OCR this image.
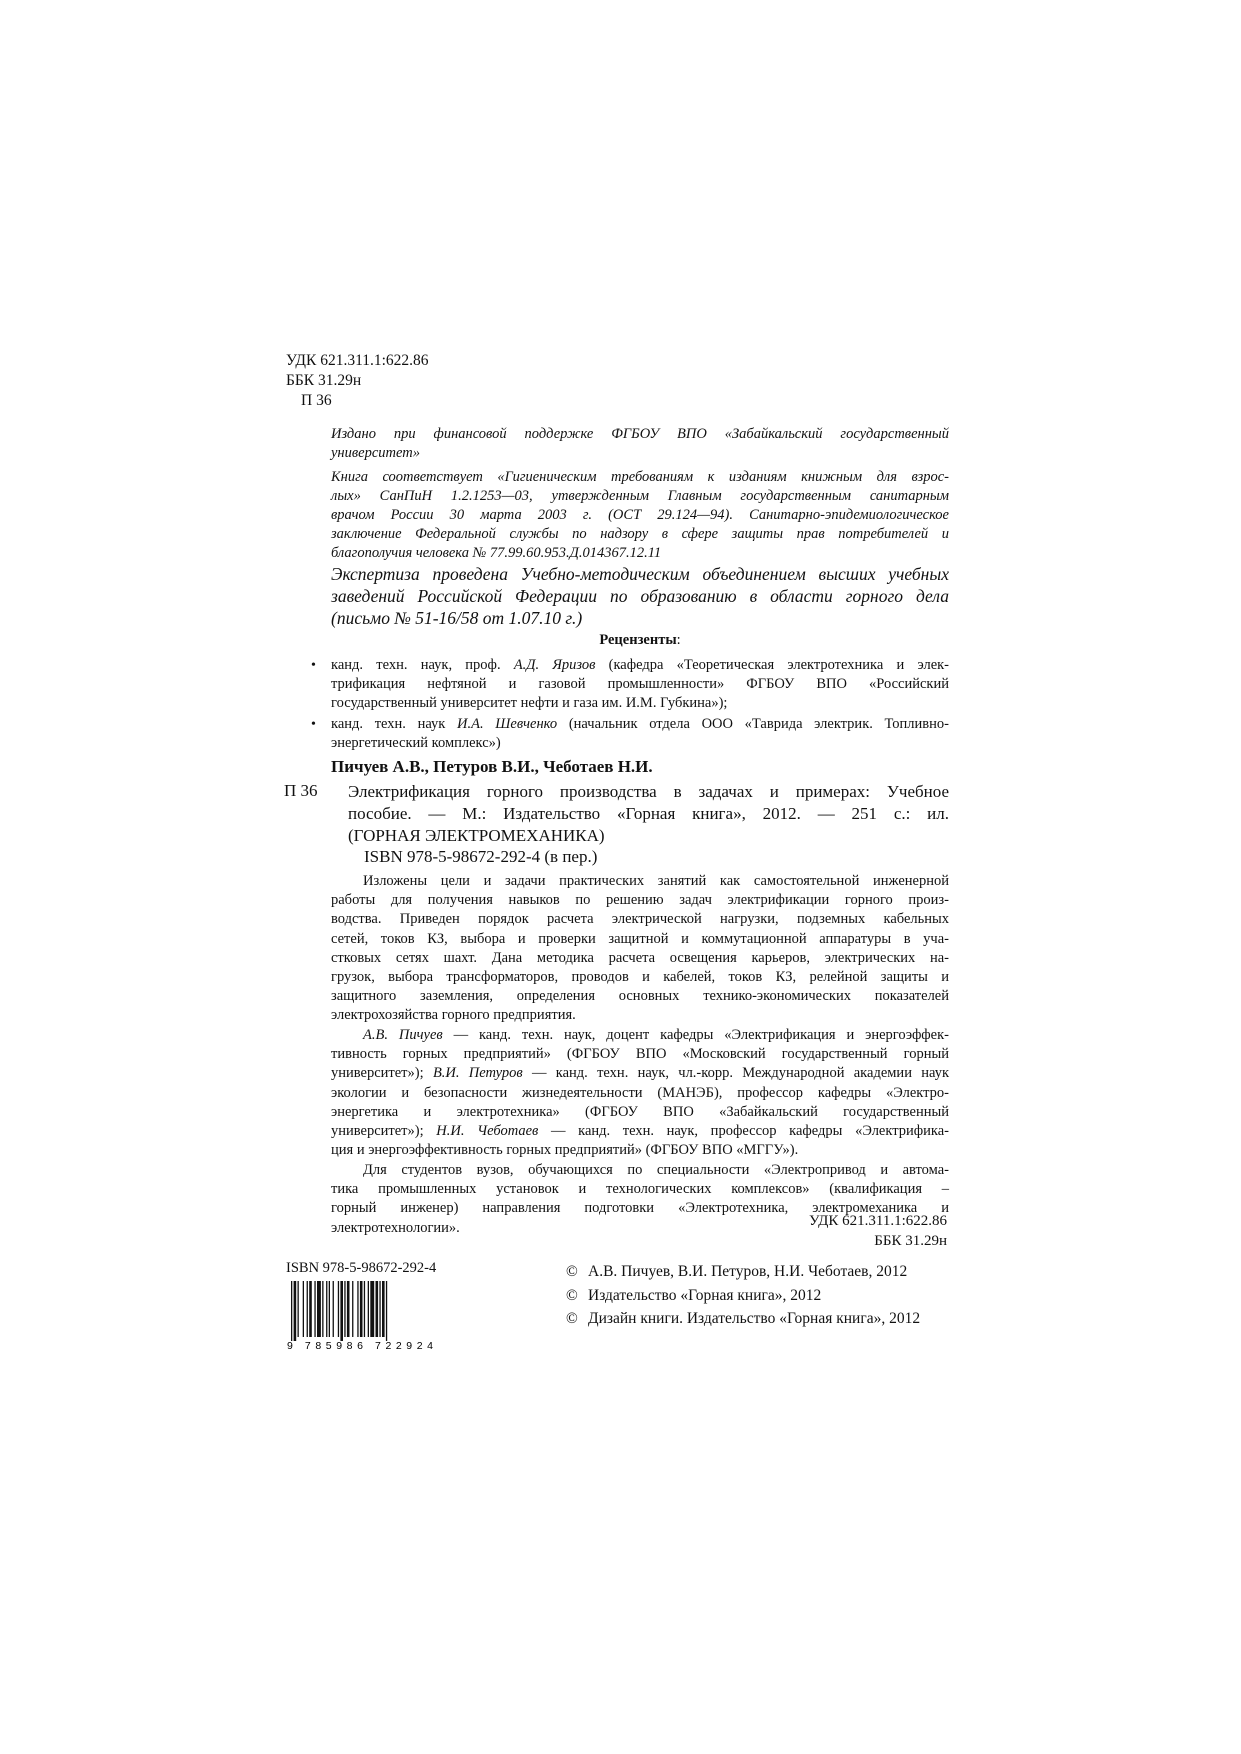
УДК 621.311.1:622.86
ББК 31.29н
П 36
Издано при финансовой поддержке ФГБОУ ВПО «Забайкальский государственный
университет»
Книга соответствует «Гигиеническим требованиям к изданиям книжным для взрос-
лых» СанПиН 1.2.1253—03, утвержденным Главным государственным санитарным
врачом России 30 марта 2003 г. (ОСТ 29.124—94). Санитарно-эпидемиологическое
заключение Федеральной службы по надзору в сфере защиты прав потребителей и
благополучия человека № 77.99.60.953.Д.014367.12.11
Экспертиза проведена Учебно-методическим объединением высших учебных
заведений Российской Федерации по образованию в области горного дела
(письмо № 51-16/58 от 1.07.10 г.)
Рецензенты:
• канд. техн. наук, проф. А.Д. Яризов (кафедра «Теоретическая электротехника и элек-
трификация нефтяной и газовой промышленности» ФГБОУ ВПО «Российский
государственный университет нефти и газа им. И.М. Губкина»);
• канд. техн. наук И.А. Шевченко (начальник отдела ООО «Таврида электрик. Топливно-
энергетический комплекс»)
Пичуев А.В., Петуров В.И., Чеботаев Н.И.
П 36 Электрификация горного производства в задачах и примерах: Учебное
пособие. — М.: Издательство «Горная книга», 2012. — 251 с.: ил.
(ГОРНАЯ ЭЛЕКТРОМЕХАНИКА)
ISBN 978-5-98672-292-4 (в пер.)
Изложены цели и задачи практических занятий как самостоятельной инженерной
работы для получения навыков по решению задач электрификации горного произ-
водства. Приведен порядок расчета электрической нагрузки, подземных кабельных
сетей, токов КЗ, выбора и проверки защитной и коммутационной аппаратуры в уча-
стковых сетях шахт. Дана методика расчета освещения карьеров, электрических на-
грузок, выбора трансформаторов, проводов и кабелей, токов КЗ, релейной защиты и
защитного заземления, определения основных технико-экономических показателей
электрохозяйства горного предприятия.
А.В. Пичуев — канд. техн. наук, доцент кафедры «Электрификация и энергоэффек-
тивность горных предприятий» (ФГБОУ ВПО «Московский государственный горный
университет»); В.И. Петуров — канд. техн. наук, чл.-корр. Международной академии наук
экологии и безопасности жизнедеятельности (МАНЭБ), профессор кафедры «Электро-
энергетика и электротехника» (ФГБОУ ВПО «Забайкальский государственный
университет»); Н.И. Чеботаев — канд. техн. наук, профессор кафедры «Электрифика-
ция и энергоэффективность горных предприятий» (ФГБОУ ВПО «МГГУ»).
Для студентов вузов, обучающихся по специальности «Электропривод и автома-
тика промышленных установок и технологических комплексов» (квалификация –
горный инженер) направления подготовки «Электротехника, электромеханика и
электротехнологии».	УДК 621.311.1:622.86
ББК 31.29н
ISBN 978-5-98672-292-4
9 785986 722924
© А.В. Пичуев, В.И. Петуров, Н.И. Чеботаев, 2012
© Издательство «Горная книга», 2012
© Дизайн книги. Издательство «Горная книга», 2012
